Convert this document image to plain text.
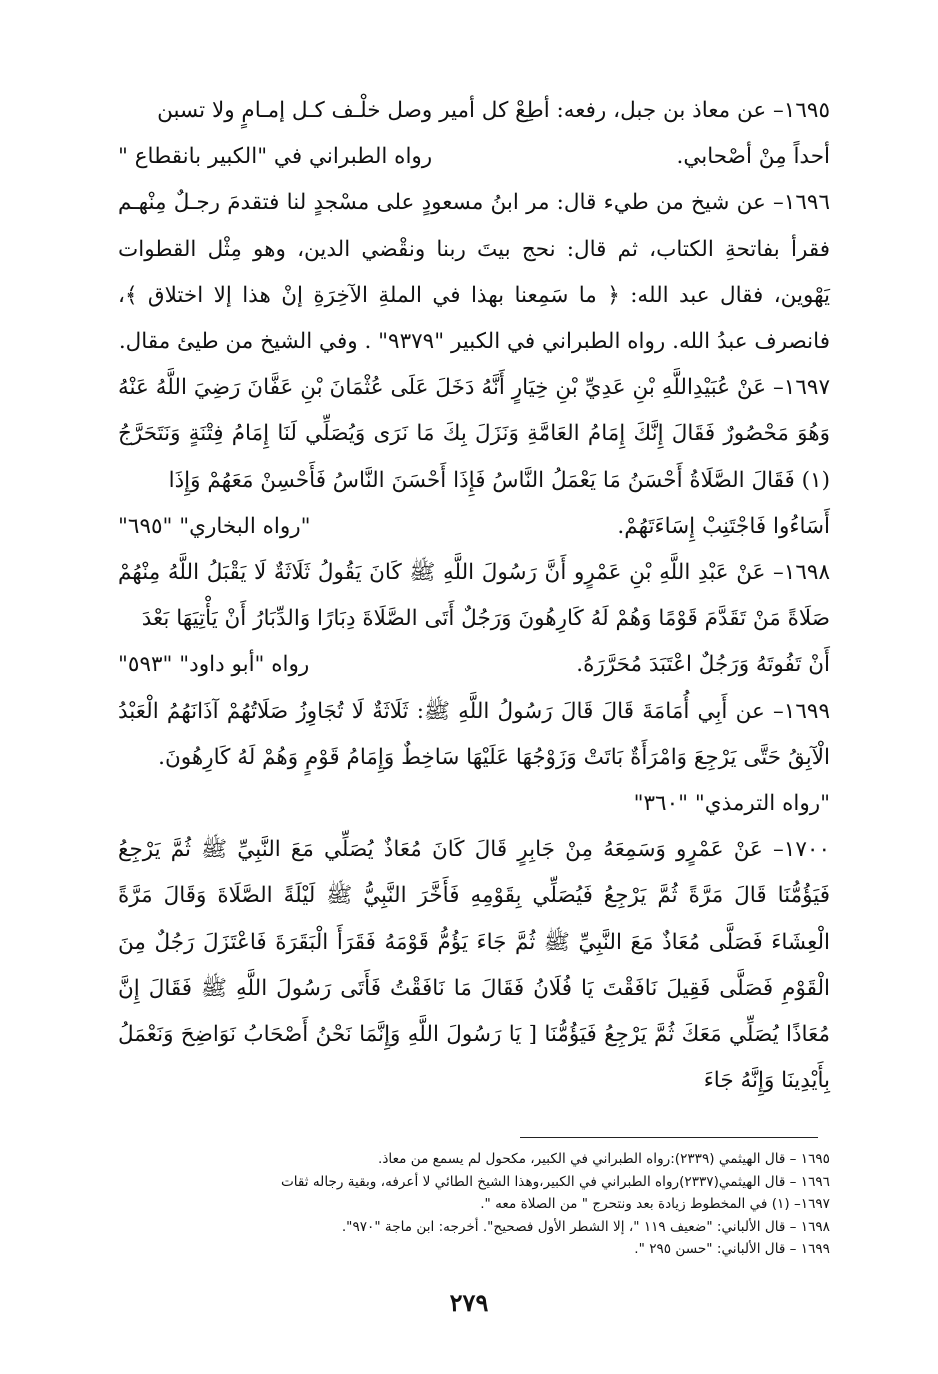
١٦٩٥– عن معاذ بن جبل، رفعه: أطِعْ كل أمير وصل خلْـف كـل إمـامٍ ولا تسبن

أحداً مِنْ أصْحابي.
رواه الطبراني في "الكبير بانقطاع "

١٦٩٦– عن شيخ من طيء قال: مر ابنُ مسعودٍ على مسْجدٍ لنا فتقدمَ رجـلٌ مِنْهـم فقرأ بفاتحةِ الكتاب، ثم قال: نحج بيتَ ربنا ونقْضي الدين، وهو مِثْل القطوات يَهْوين، فقال عبد الله: ﴿ ما سَمِعنا بهذا في الملةِ الآخِرَةِ إنْ هذا إلا اختلاق ﴾، فانصرف عبدُ الله. رواه الطبراني في الكبير "٩٣٧٩" . وفي الشيخ من طيئ مقال.

١٦٩٧– عَنْ عُبَيْدِاللَّهِ بْنِ عَدِيِّ بْنِ خِيَارٍ أَنَّهُ دَخَلَ عَلَى عُثْمَانَ بْنِ عَفَّانَ رَضِيَ اللَّهُ عَنْهُ وَهُوَ مَحْصُورٌ فَقَالَ إِنَّكَ إِمَامُ العَامَّةِ وَنَزَلَ بِكَ مَا نَرَى وَيُصَلِّي لَنَا إِمَامُ فِتْنَةٍ وَنَتَحَرَّجُ (١) فَقَالَ الصَّلَاةُ أَحْسَنُ مَا يَعْمَلُ النَّاسُ فَإِذَا أَحْسَنَ النَّاسُ فَأَحْسِنْ مَعَهُمْ وَإِذَا

أَسَاءُوا فَاجْتَنِبْ إِسَاءَتَهُمْ.
"رواه البخاري" "٦٩٥"

١٦٩٨– عَنْ عَبْدِ اللَّهِ بْنِ عَمْرٍو أَنَّ رَسُولَ اللَّهِ ﷺ كَانَ يَقُولُ ثَلَاثَةٌ لَا يَقْبَلُ اللَّهُ مِنْهُمْ صَلَاةً مَنْ تَقَدَّمَ قَوْمًا وَهُمْ لَهُ كَارِهُونَ وَرَجُلٌ أَتَى الصَّلَاةَ دِبَارًا وَالدِّبَارُ أَنْ يَأْتِيَهَا بَعْدَ

أَنْ تَفُوتَهُ وَرَجُلٌ اعْتَبَدَ مُحَرَّرَهُ.
رواه "أبو داود" "٥٩٣"

١٦٩٩– عن أَبِي أُمَامَةَ قَالَ قَالَ رَسُولُ اللَّهِ ﷺ: ثَلَاثَةٌ لَا تُجَاوِزُ صَلَاتُهُمْ آذَانَهُمُ الْعَبْدُ الْآبِقُ حَتَّى يَرْجِعَ وَامْرَأَةٌ بَاتَتْ وَزَوْجُهَا عَلَيْهَا سَاخِطٌ وَإِمَامُ قَوْمٍ وَهُمْ لَهُ كَارِهُونَ.

"رواه الترمذي" "٣٦٠"

١٧٠٠– عَنْ عَمْرٍو وَسَمِعَهُ مِنْ جَابِرٍ قَالَ كَانَ مُعَاذٌ يُصَلِّي مَعَ النَّبِيِّ ﷺ ثُمَّ يَرْجِعُ فَيَؤُمُّنَا قَالَ مَرَّةً ثُمَّ يَرْجِعُ فَيُصَلِّي بِقَوْمِهِ فَأَخَّرَ النَّبِيُّ ﷺ لَيْلَةً الصَّلَاةَ وَقَالَ مَرَّةً الْعِشَاءَ فَصَلَّى مُعَاذٌ مَعَ النَّبِيِّ ﷺ ثُمَّ جَاءَ يَؤُمُّ قَوْمَهُ فَقَرَأَ الْبَقَرَةَ فَاعْتَزَلَ رَجُلٌ مِنَ الْقَوْمِ فَصَلَّى فَقِيلَ نَافَقْتَ يَا فُلَانُ فَقَالَ مَا نَافَقْتُ فَأَتَى رَسُولَ اللَّهِ ﷺ فَقَالَ إِنَّ مُعَاذًا يُصَلِّي مَعَكَ ثُمَّ يَرْجِعُ فَيَؤُمُّنَا [ يَا رَسُولَ اللَّهِ وَإِنَّمَا نَحْنُ أَصْحَابُ نَوَاضِحَ وَنَعْمَلُ بِأَيْدِينَا وَإِنَّهُ جَاءَ

١٦٩٥ – قال الهيثمي (٢٣٣٩):رواه الطبراني في الكبير، مكحول لم يسمع من معاذ.

١٦٩٦ – قال الهيثمي(٢٣٣٧)رواه الطبراني في الكبير،وهذا الشيخ الطائي لا أعرفه، وبقية رجاله ثقات

١٦٩٧– (١) في المخطوط زيادة بعد ونتحرج " من الصلاة معه ".

١٦٩٨ – قال الألباني: "ضعيف ١١٩ "، إلا الشطر الأول فصحيح". أخرجه: ابن ماجة "٩٧٠".

١٦٩٩ – قال الألباني: "حسن ٢٩٥ ".

٢٧٩
